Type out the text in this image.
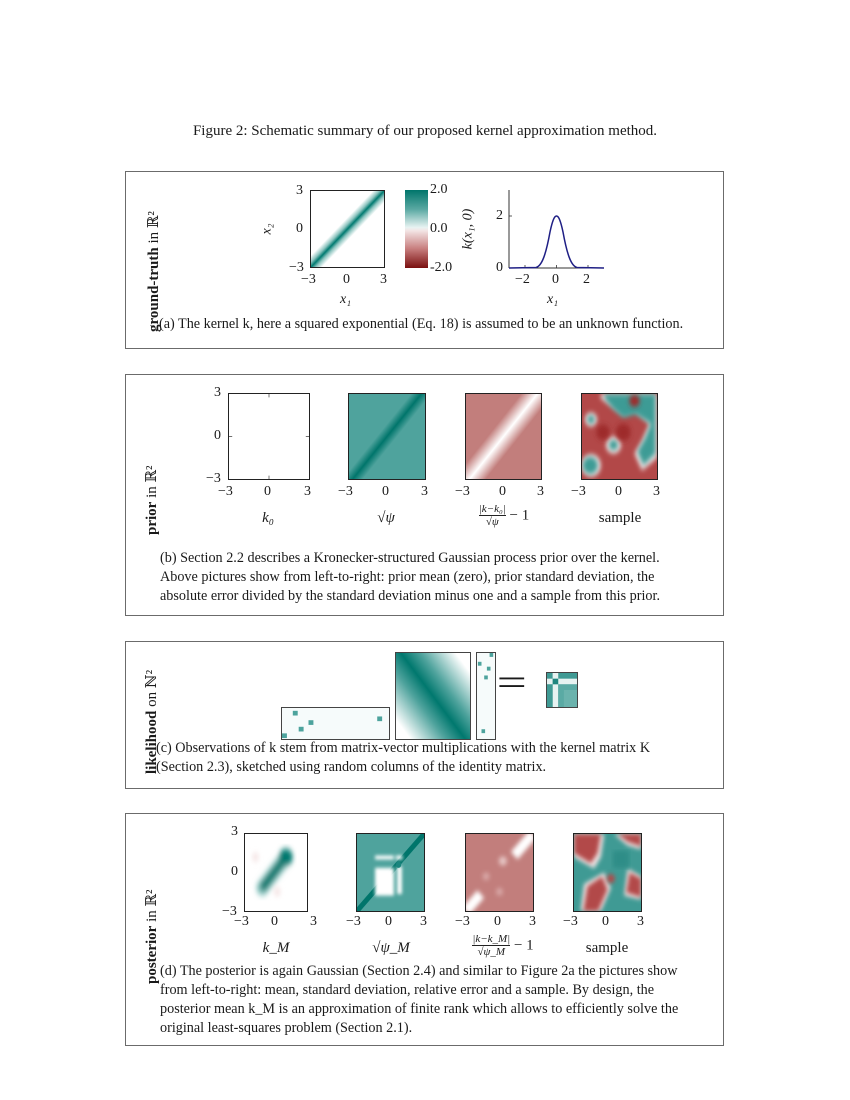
Figure 2: Schematic summary of our proposed kernel approximation method.
ground-truth in ℝ²
3
0
−3
−3 0 3
x₁
x₂
2.0
0.0
-2.0
2
0
−2 0 2
x₁
k(x₁, 0)
(a) The kernel k, here a squared exponential (Eq. 18) is assumed to be an unknown function.
prior in ℝ²
3
0
−3
−3 0 3 −3 0 3 −3 0 3 −3 0 3
k₀	√ψ	$\frac{\text{|k−k₀|}}{√\psi} - 1$	sample
(b) Section 2.2 describes a Kronecker-structured Gaussian process prior over the kernel.
Above pictures show from left-to-right: prior mean (zero), prior standard deviation, the
absolute error divided by the standard deviation minus one and a sample from this prior.
likelihood on ℕ²	=
(c) Observations of k stem from matrix-vector multiplications with the kernel matrix K
(Section 2.3), sketched using random columns of the identity matrix.
posterior in ℝ²
3
0
−3
−3 0 3 −3 0 3 −3 0 3 −3 0 3
k_M	√ψ_M	$\frac{|k-k\_M|}{√\psi\_M} - 1$	sample
(d) The posterior is again Gaussian (Section 2.4) and similar to Figure 2a the pictures show
from left-to-right: mean, standard deviation, relative error and a sample. By design, the
posterior mean k_M is an approximation of finite rank which allows to efficiently solve the
original least-squares problem (Section 2.1).
